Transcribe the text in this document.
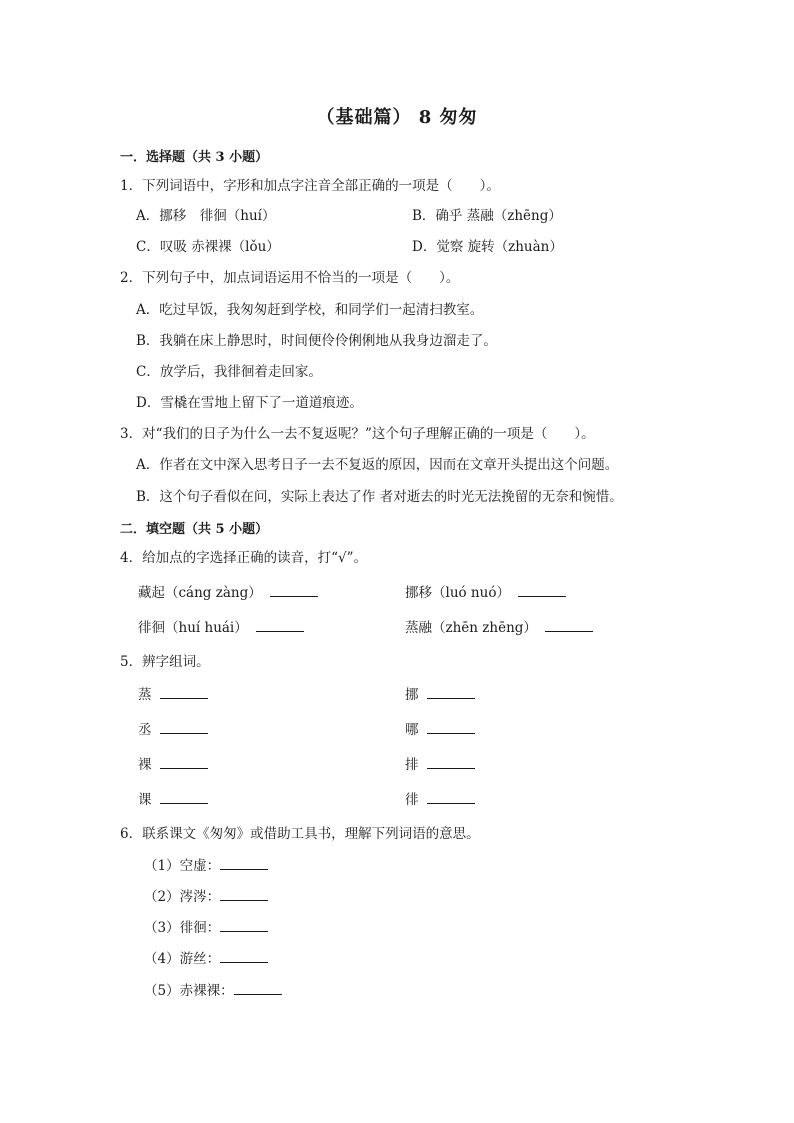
（基础篇） 8 匆匆
一．选择题（共 3 小题）
1．下列词语中，字形和加点字注音全部正确的一项是（　　）。
A．挪移　徘徊（huí）	B．确乎 蒸融（zhēng）
C．叹吸 赤裸裸（lǒu）	D．觉察 旋转（zhuàn）
2．下列句子中，加点词语运用不恰当的一项是（　　）。
A．吃过早饭，我匆匆赶到学校，和同学们一起清扫教室。
B．我躺在床上静思时，时间便伶伶俐俐地从我身边溜走了。
C．放学后，我徘徊着走回家。
D．雪橇在雪地上留下了一道道痕迹。
3．对“我们的日子为什么一去不复返呢？”这个句子理解正确的一项是（　　）。
A．作者在文中深入思考日子一去不复返的原因，因而在文章开头提出这个问题。
B．这个句子看似在问，实际上表达了作 者对逝去的时光无法挽留的无奈和惋惜。
二．填空题（共 5 小题）
4．给加点的字选择正确的读音，打“√”。
藏起（cáng zàng）	挪移（luó nuó）
徘徊（huí huái）	蒸融（zhēn zhēng）
5．辨字组词。
蒸	挪
丞	哪
裸	排
课	徘
6．联系课文《匆匆》或借助工具书，理解下列词语的意思。
（1）空虚：
（2）涔涔：
（3）徘徊：
（4）游丝：
（5）赤裸裸：
